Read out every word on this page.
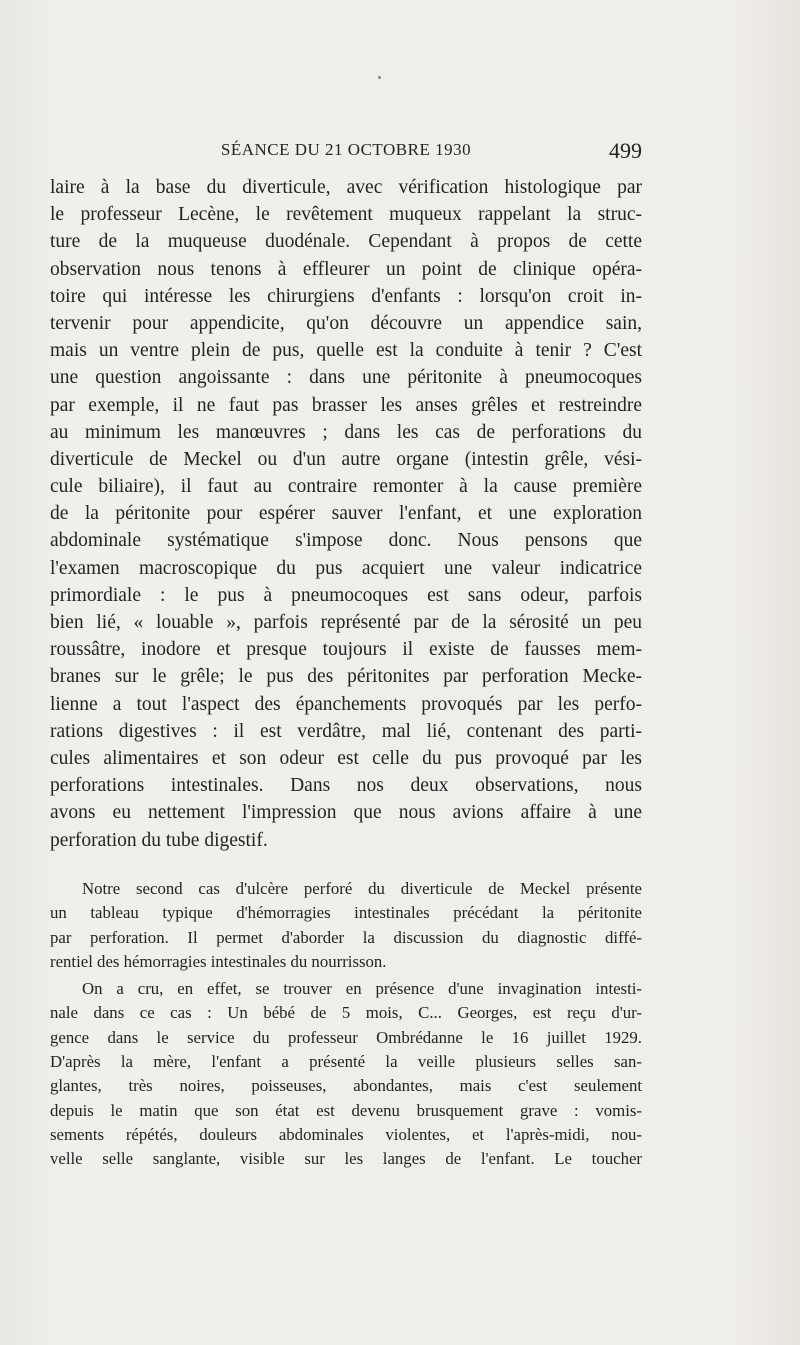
SÉANCE DU 21 OCTOBRE 1930	499
laire à la base du diverticule, avec vérification histologique par
le professeur Lecène, le revêtement muqueux rappelant la struc-
ture de la muqueuse duodénale. Cependant à propos de cette
observation nous tenons à effleurer un point de clinique opéra-
toire qui intéresse les chirurgiens d'enfants : lorsqu'on croit in-
tervenir pour appendicite, qu'on découvre un appendice sain,
mais un ventre plein de pus, quelle est la conduite à tenir ? C'est
une question angoissante : dans une péritonite à pneumocoques
par exemple, il ne faut pas brasser les anses grêles et restreindre
au minimum les manœuvres ; dans les cas de perforations du
diverticule de Meckel ou d'un autre organe (intestin grêle, vési-
cule biliaire), il faut au contraire remonter à la cause première
de la péritonite pour espérer sauver l'enfant, et une exploration
abdominale systématique s'impose donc. Nous pensons que
l'examen macroscopique du pus acquiert une valeur indicatrice
primordiale : le pus à pneumocoques est sans odeur, parfois
bien lié, « louable », parfois représenté par de la sérosité un peu
roussâtre, inodore et presque toujours il existe de fausses mem-
branes sur le grêle; le pus des péritonites par perforation Mecke-
lienne a tout l'aspect des épanchements provoqués par les perfo-
rations digestives : il est verdâtre, mal lié, contenant des parti-
cules alimentaires et son odeur est celle du pus provoqué par les
perforations intestinales. Dans nos deux observations, nous
avons eu nettement l'impression que nous avions affaire à une
perforation du tube digestif.
Notre second cas d'ulcère perforé du diverticule de Meckel présente
un tableau typique d'hémorragies intestinales précédant la péritonite
par perforation. Il permet d'aborder la discussion du diagnostic diffé-
rentiel des hémorragies intestinales du nourrisson.
On a cru, en effet, se trouver en présence d'une invagination intesti-
nale dans ce cas : Un bébé de 5 mois, C... Georges, est reçu d'ur-
gence dans le service du professeur Ombrédanne le 16 juillet 1929.
D'après la mère, l'enfant a présenté la veille plusieurs selles san-
glantes, très noires, poisseuses, abondantes, mais c'est seulement
depuis le matin que son état est devenu brusquement grave : vomis-
sements répétés, douleurs abdominales violentes, et l'après-midi, nou-
velle selle sanglante, visible sur les langes de l'enfant. Le toucher
